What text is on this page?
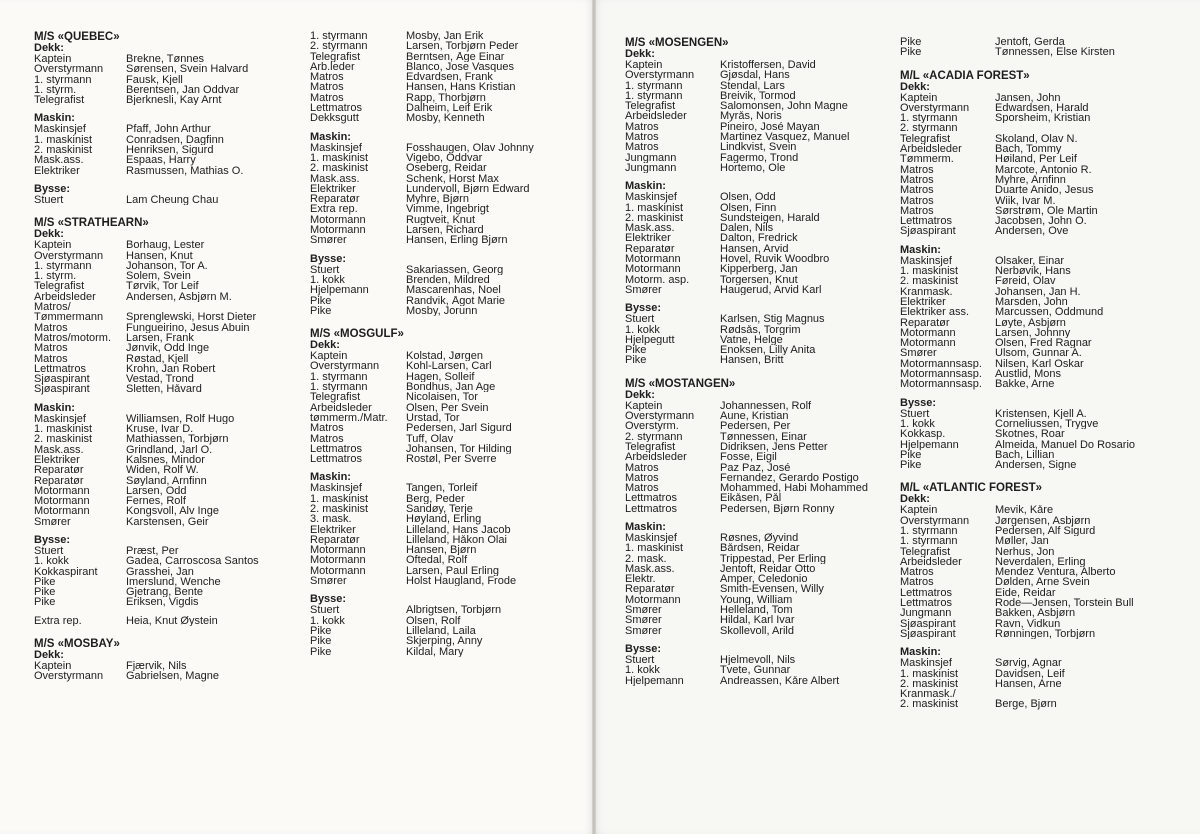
M/S «QUEBEC»
Dekk:
Kaptein	Brekne, Tønnes
Overstyrmann	Sørensen, Svein Halvard
1. styrmann	Fausk, Kjell
1. styrm.	Berentsen, Jan Oddvar
Telegrafist	Bjerknesli, Kay Arnt
Maskin:
Maskinsjef	Pfaff, John Arthur
1. maskinist	Conradsen, Dagfinn
2. maskinist	Henriksen, Sigurd
Mask.ass.	Espaas, Harry
Elektriker	Rasmussen, Mathias O.
Bysse:
Stuert	Lam Cheung Chau
M/S «STRATHEARN»
Dekk:
Kaptein	Borhaug, Lester
Overstyrmann	Hansen, Knut
1. styrmann	Johanson, Tor A.
1. styrm.	Solem, Svein
Telegrafist	Tørvik, Tor Leif
Arbeidsleder	Andersen, Asbjørn M.
Matros/
Tømmermann	Sprenglewski, Horst Dieter
Matros	Fungueirino, Jesus Abuin
Matros/motorm.	Larsen, Frank
Matros	Jønvik, Odd Inge
Matros	Røstad, Kjell
Lettmatros	Krohn, Jan Robert
Sjøaspirant	Vestad, Trond
Sjøaspirant	Sletten, Håvard
Maskin:
Maskinsjef	Williamsen, Rolf Hugo
1. maskinist	Kruse, Ivar D.
2. maskinist	Mathiassen, Torbjørn
Mask.ass.	Grindland, Jarl O.
Elektriker	Kalsnes, Mindor
Reparatør	Widen, Rolf W.
Reparatør	Søyland, Arnfinn
Motormann	Larsen, Odd
Motormann	Fernes, Rolf
Motormann	Kongsvoll, Alv Inge
Smører	Karstensen, Geir
Bysse:
Stuert	Præst, Per
1. kokk	Gadea, Carroscosa Santos
Kokkaspirant	Grasshei, Jan
Pike	Imerslund, Wenche
Pike	Gjetrang, Bente
Pike	Eriksen, Vigdis
Extra rep.	Heia, Knut Øystein
M/S «MOSBAY»
Dekk:
Kaptein	Fjærvik, Nils
Overstyrmann	Gabrielsen, Magne
1. styrmann	Mosby, Jan Erik
2. styrmann	Larsen, Torbjørn Peder
Telegrafist	Berntsen, Åge Einar
Arb.leder	Blanco, Jose Vasques
Matros	Edvardsen, Frank
Matros	Hansen, Hans Kristian
Matros	Rapp, Thorbjørn
Lettmatros	Dalheim, Leif Erik
Dekksgutt	Mosby, Kenneth
Maskin:
Maskinsjef	Fosshaugen, Olav Johnny
1. maskinist	Vigebo, Oddvar
2. maskinist	Oseberg, Reidar
Mask.ass.	Schenk, Horst Max
Elektriker	Lundervoll, Bjørn Edward
Reparatør	Myhre, Bjørn
Extra rep.	Vimme, Ingebrigt
Motormann	Rugtveit, Knut
Motormann	Larsen, Richard
Smører	Hansen, Erling Bjørn
Bysse:
Stuert	Sakariassen, Georg
1. kokk	Brenden, Mildred
Hjelpemann	Mascarenhas, Noel
Pike	Randvik, Ågot Marie
Pike	Mosby, Jorunn
M/S «MOSGULF»
Dekk:
Kaptein	Kolstad, Jørgen
Overstyrmann	Kohl-Larsen, Carl
1. styrmann	Hagen, Solleif
1. styrmann	Bondhus, Jan Age
Telegrafist	Nicolaisen, Tor
Arbeidsleder	Olsen, Per Svein
tømmerm./Matr.	Urstad, Tor
Matros	Pedersen, Jarl Sigurd
Matros	Tuff, Olav
Lettmatros	Johansen, Tor Hilding
Lettmatros	Rostøl, Per Sverre
Maskin:
Maskinsjef	Tangen, Torleif
1. maskinist	Berg, Peder
2. maskinist	Sandøy, Terje
3. mask.	Høyland, Erling
Elektriker	Lilleland, Hans Jacob
Reparatør	Lilleland, Håkon Olai
Motormann	Hansen, Bjørn
Motormann	Oftedal, Rolf
Motormann	Larsen, Paul Erling
Smører	Holst Haugland, Frode
Bysse:
Stuert	Albrigtsen, Torbjørn
1. kokk	Olsen, Rolf
Pike	Lilleland, Laila
Pike	Skjerping, Anny
Pike	Kildal, Mary
M/S «MOSENGEN»
Dekk:
Kaptein	Kristoffersen, David
Overstyrmann	Gjøsdal, Hans
1. styrmann	Stendal, Lars
1. styrmann	Breivik, Tormod
Telegrafist	Salomonsen, John Magne
Arbeidsleder	Myrås, Noris
Matros	Pineiro, José Mayan
Matros	Martinez Vasquez, Manuel
Matros	Lindkvist, Svein
Jungmann	Fagermo, Trond
Jungmann	Hortemo, Ole
Maskin:
Maskinsjef	Olsen, Odd
1. maskinist	Olsen, Finn
2. maskinist	Sundsteigen, Harald
Mask.ass.	Dalen, Nils
Elektriker	Dalton, Fredrick
Reparatør	Hansen, Arvid
Motormann	Hovel, Ruvik Woodbro
Motormann	Kipperberg, Jan
Motorm. asp.	Torgersen, Knut
Smører	Haugerud, Arvid Karl
Bysse:
Stuert	Karlsen, Stig Magnus
1. kokk	Rødsås, Torgrim
Hjelpegutt	Vatne, Helge
Pike	Enoksen, Lilly Anita
Pike	Hansen, Britt
M/S «MOSTANGEN»
Dekk:
Kaptein	Johannessen, Rolf
Overstyrmann	Aune, Kristian
Overstyrm.	Pedersen, Per
2. styrmann	Tønnessen, Einar
Telegrafist	Didriksen, Jens Petter
Arbeidsleder	Fosse, Eigil
Matros	Paz Paz, José
Matros	Fernandez, Gerardo Postigo
Matros	Mohammed, Habi Mohammed
Lettmatros	Eikåsen, Pål
Lettmatros	Pedersen, Bjørn Ronny
Maskin:
Maskinsjef	Røsnes, Øyvind
1. maskinist	Bårdsen, Reidar
2. mask.	Trippestad, Per Erling
Mask.ass.	Jentoft, Reidar Otto
Elektr.	Amper, Celedonio
Reparatør	Smith-Evensen, Willy
Motormann	Young, William
Smører	Helleland, Tom
Smører	Hildal, Karl Ivar
Smører	Skollevoll, Arild
Bysse:
Stuert	Hjelmevoll, Nils
1. kokk	Tvete, Gunnar
Hjelpemann	Andreassen, Kåre Albert
Pike	Jentoft, Gerda
Pike	Tønnessen, Else Kirsten
M/L «ACADIA FOREST»
Dekk:
Kaptein	Jansen, John
Overstyrmann	Edwardsen, Harald
1. styrmann	Sporsheim, Kristian
2. styrmann
Telegrafist	Skoland, Olav N.
Arbeidsleder	Bach, Tommy
Tømmerm.	Høiland, Per Leif
Matros	Marcote, Antonio R.
Matros	Myhre, Arnfinn
Matros	Duarte Anido, Jesus
Matros	Wiik, Ivar M.
Matros	Sørstrøm, Ole Martin
Lettmatros	Jacobsen, John O.
Sjøaspirant	Andersen, Ove
Maskin:
Maskinsjef	Olsaker, Einar
1. maskinist	Nerbøvik, Hans
2. maskinist	Føreid, Olav
Kranmask.	Johansen, Jan H.
Elektriker	Marsden, John
Elektriker ass.	Marcussen, Oddmund
Reparatør	Løyte, Asbjørn
Motormann	Larsen, Johnny
Motormann	Olsen, Fred Ragnar
Smører	Ulsom, Gunnar A.
Motormannsasp.	Nilsen, Karl Oskar
Motormannsasp.	Austlid, Mons
Motormannsasp.	Bakke, Arne
Bysse:
Stuert	Kristensen, Kjell A.
1. kokk	Corneliussen, Trygve
Kokkasp.	Skotnes, Roar
Hjelpemann	Almeida, Manuel Do Rosario
Pike	Bach, Lillian
Pike	Andersen, Signe
M/L «ATLANTIC FOREST»
Dekk:
Kaptein	Mevik, Kåre
Overstyrmann	Jørgensen, Asbjørn
1. styrmann	Pedersen, Alf Sigurd
1. styrmann	Møller, Jan
Telegrafist	Nerhus, Jon
Arbeidsleder	Neverdalen, Erling
Matros	Mendez Ventura, Alberto
Matros	Dølden, Arne Svein
Lettmatros	Eide, Reidar
Lettmatros	Rode—Jensen, Torstein Bull
Jungmann	Bakken, Asbjørn
Sjøaspirant	Ravn, Vidkun
Sjøaspirant	Rønningen, Torbjørn
Maskin:
Maskinsjef	Sørvig, Agnar
1. maskinist	Davidsen, Leif
2. maskinist	Hansen, Arne
Kranmask./
2. maskinist	Berge, Bjørn
